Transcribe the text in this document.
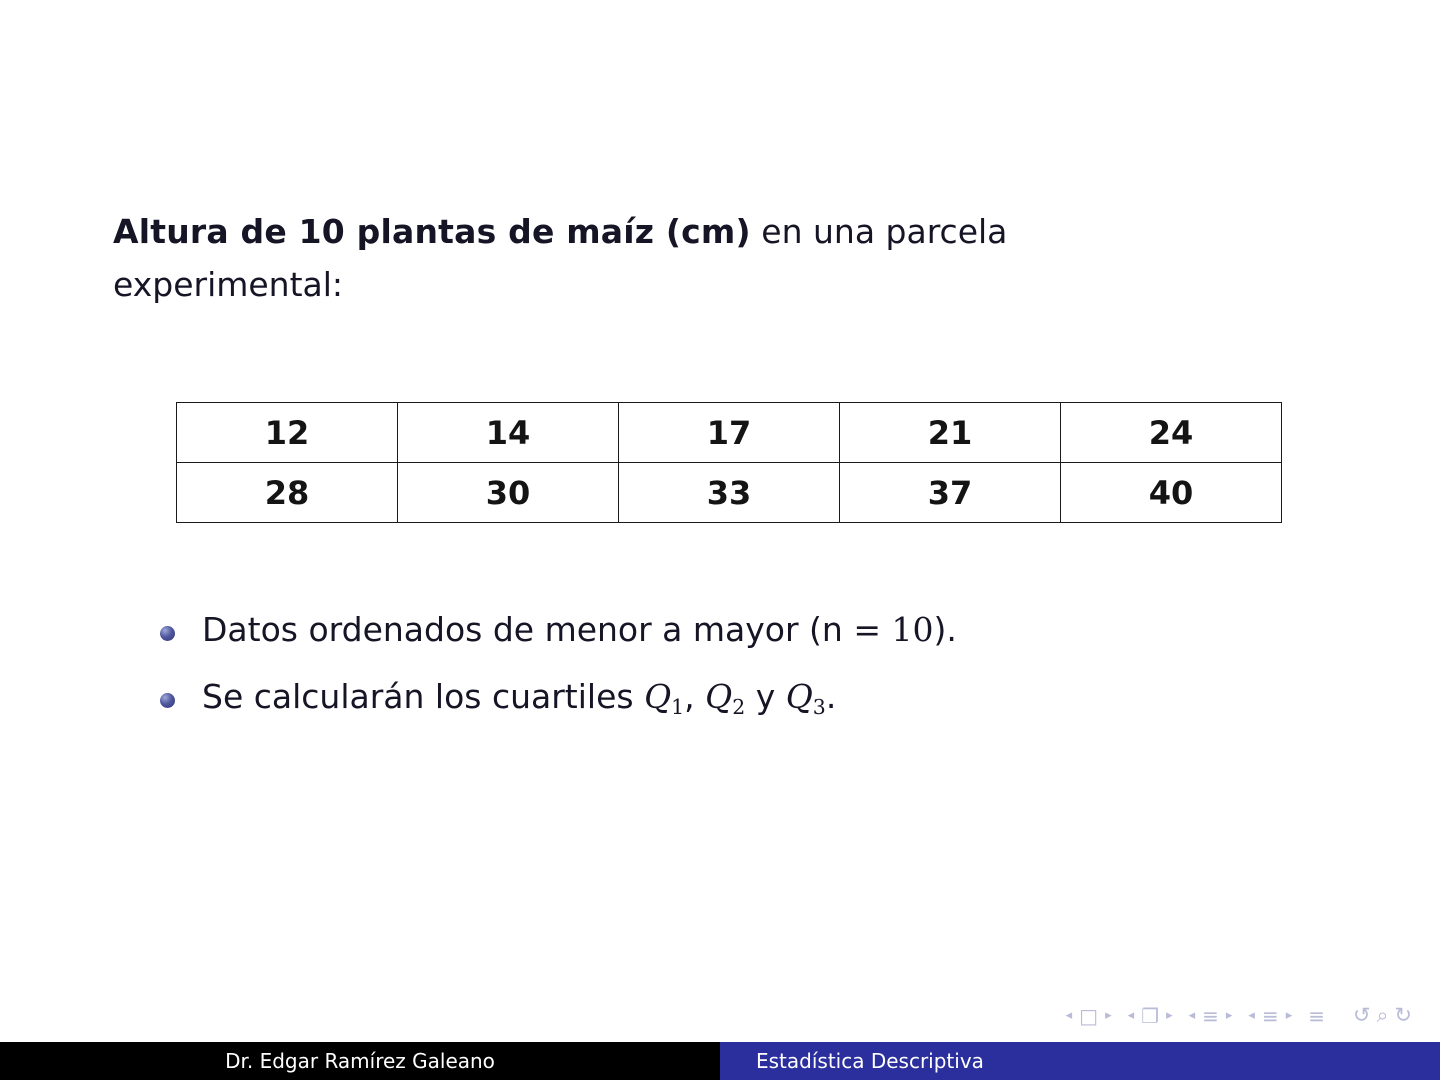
Altura de 10 plantas de maíz (cm) en una parcela
experimental:
12	14	17	21	24
28	30	33	37	40
Datos ordenados de menor a mayor (n = 10).
Se calcularán los cuartiles $Q_1$, $Q_2$ y $Q_3$.
◂ □ ▸ ◂ ❐ ▸ ◂ ≡ ▸ ◂ ≡ ▸ ≡ ↺ ⌕ ↻
Dr. Edgar Ramírez Galeano	Estadística Descriptiva
